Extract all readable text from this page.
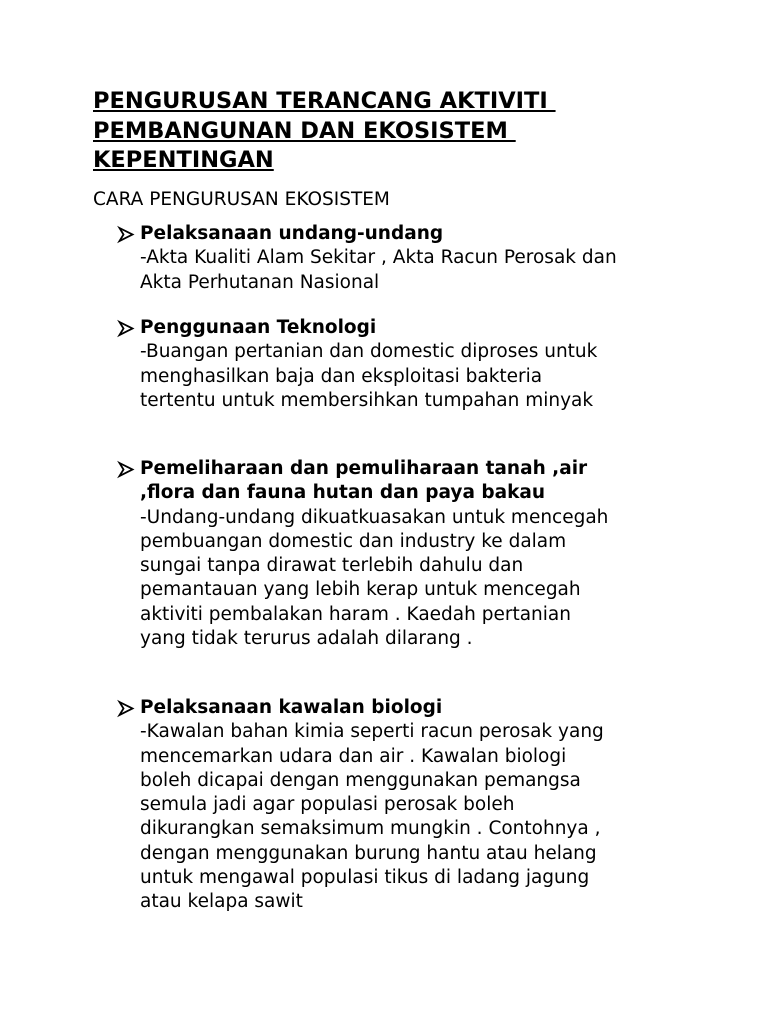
PENGURUSAN TERANCANG AKTIVITI
PEMBANGUNAN DAN EKOSISTEM
KEPENTINGAN

CARA PENGURUSAN EKOSISTEM

Pelaksanaan undang-undang
-Akta Kualiti Alam Sekitar , Akta Racun Perosak dan
Akta Perhutanan Nasional
Penggunaan Teknologi
-Buangan pertanian dan domestic diproses untuk
menghasilkan baja dan eksploitasi bakteria
tertentu untuk membersihkan tumpahan minyak
Pemeliharaan dan pemuliharaan tanah ,air
,flora dan fauna hutan dan paya bakau
-Undang-undang dikuatkuasakan untuk mencegah
pembuangan domestic dan industry ke dalam
sungai tanpa dirawat terlebih dahulu dan
pemantauan yang lebih kerap untuk mencegah
aktiviti pembalakan haram . Kaedah pertanian
yang tidak terurus adalah dilarang .
Pelaksanaan kawalan biologi
-Kawalan bahan kimia seperti racun perosak yang
mencemarkan udara dan air . Kawalan biologi
boleh dicapai dengan menggunakan pemangsa
semula jadi agar populasi perosak boleh
dikurangkan semaksimum mungkin . Contohnya ,
dengan menggunakan burung hantu atau helang
untuk mengawal populasi tikus di ladang jagung
atau kelapa sawit
